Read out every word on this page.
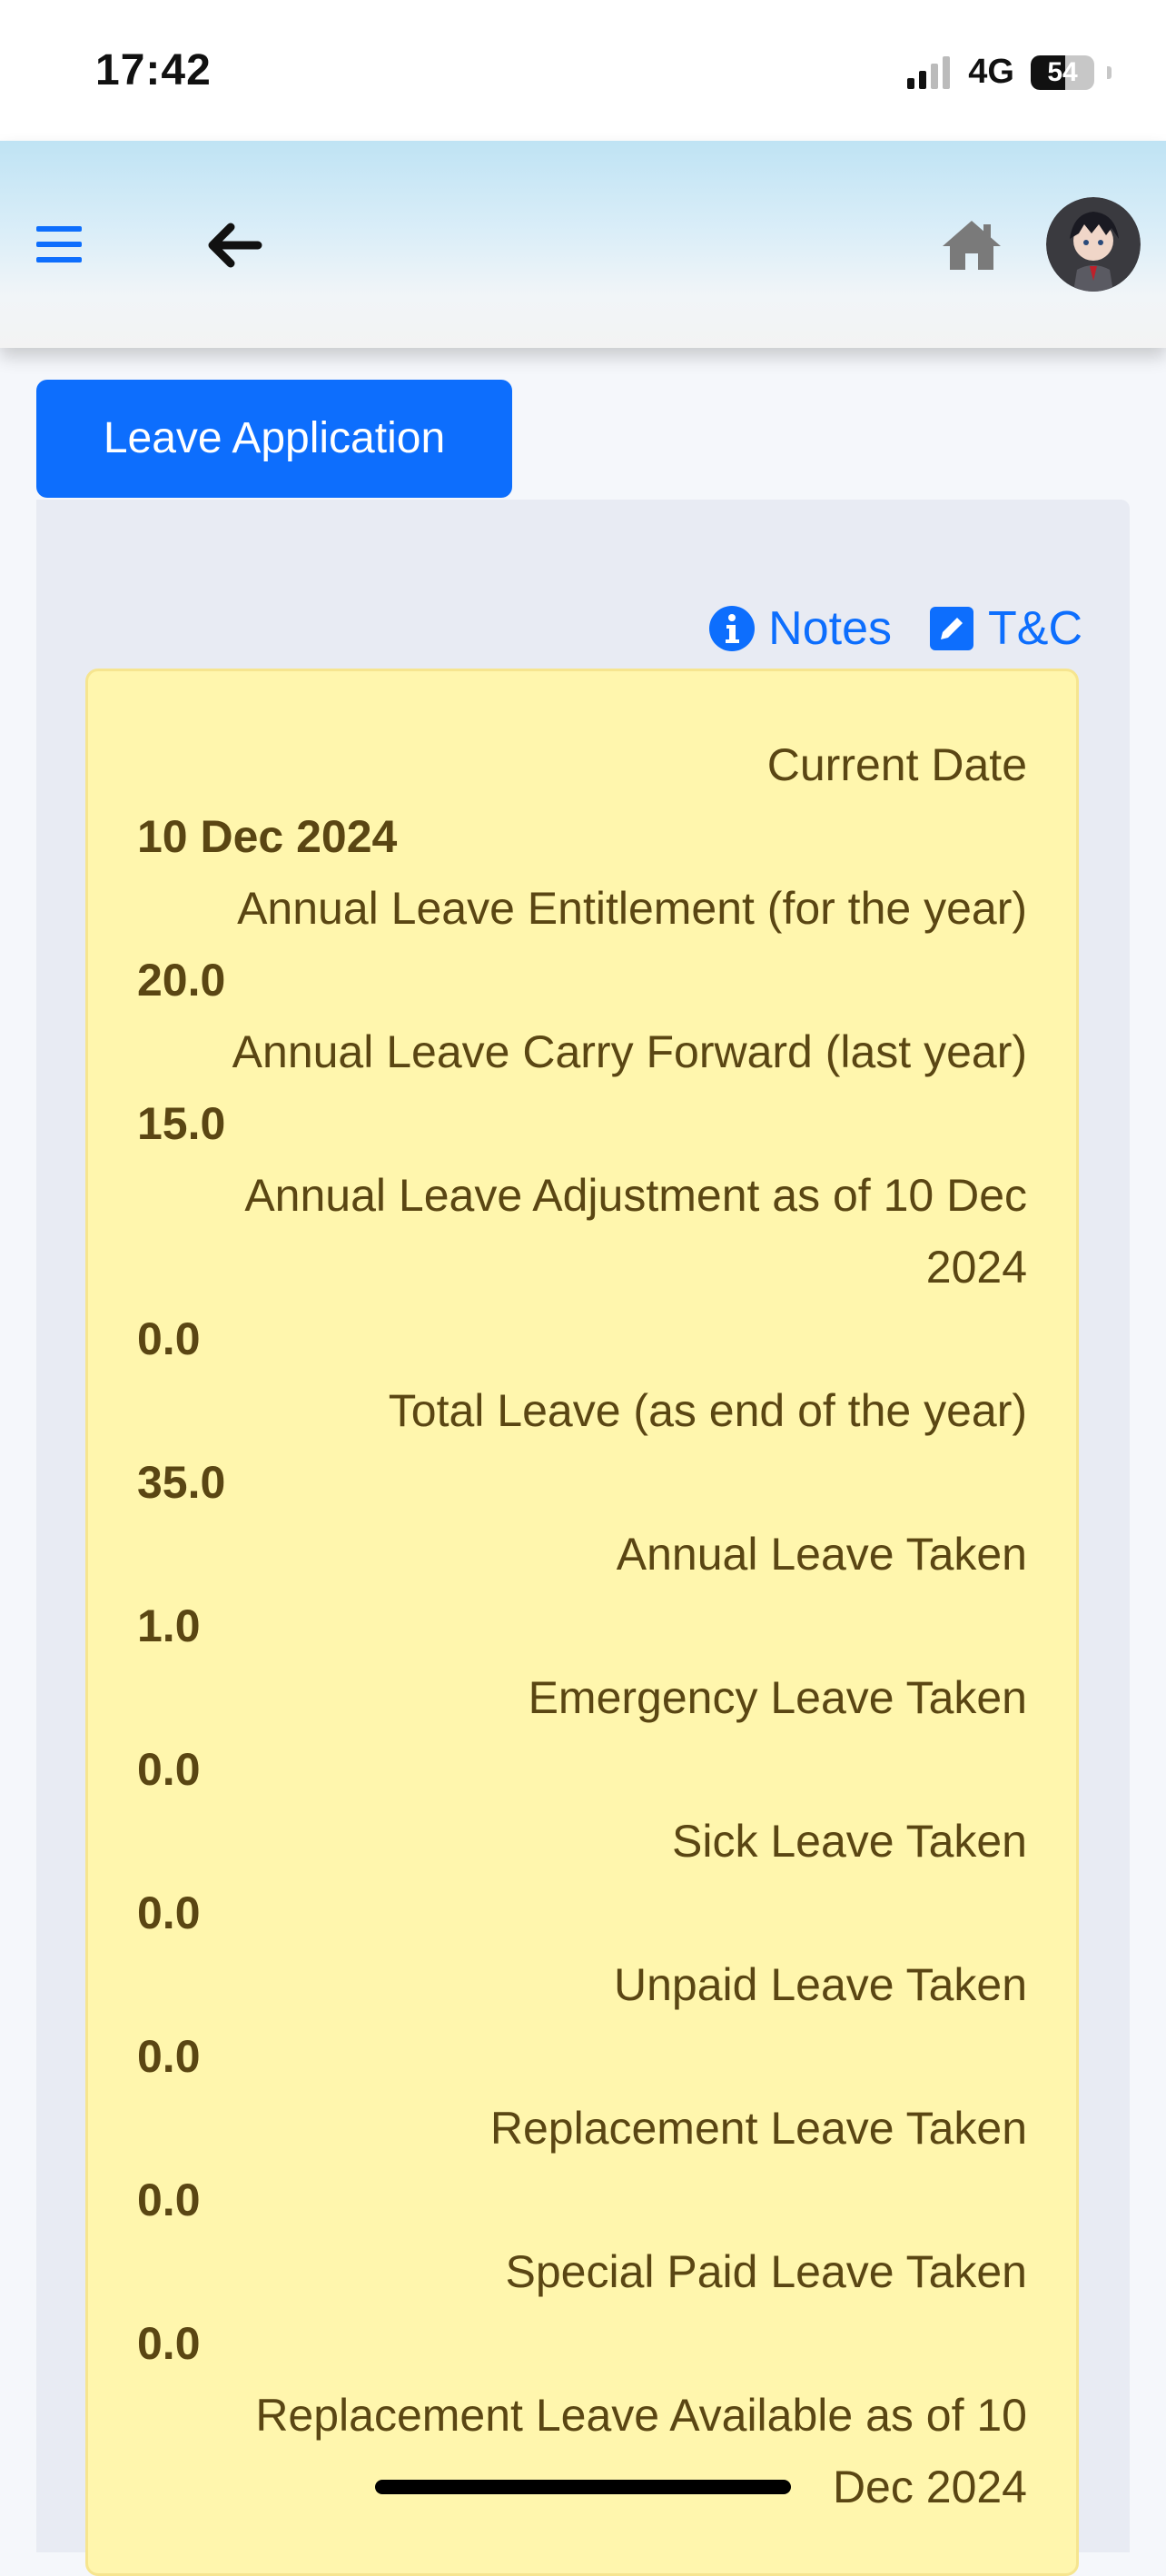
17:42	4G	54
Leave Application
Notes T&C
Current Date
10 Dec 2024
Annual Leave Entitlement (for the year)
20.0
Annual Leave Carry Forward (last year)
15.0
Annual Leave Adjustment as of 10 Dec 2024
0.0
Total Leave (as end of the year)
35.0
Annual Leave Taken
1.0
Emergency Leave Taken
0.0
Sick Leave Taken
0.0
Unpaid Leave Taken
0.0
Replacement Leave Taken
0.0
Special Paid Leave Taken
0.0
Replacement Leave Available as of 10 Dec 2024
